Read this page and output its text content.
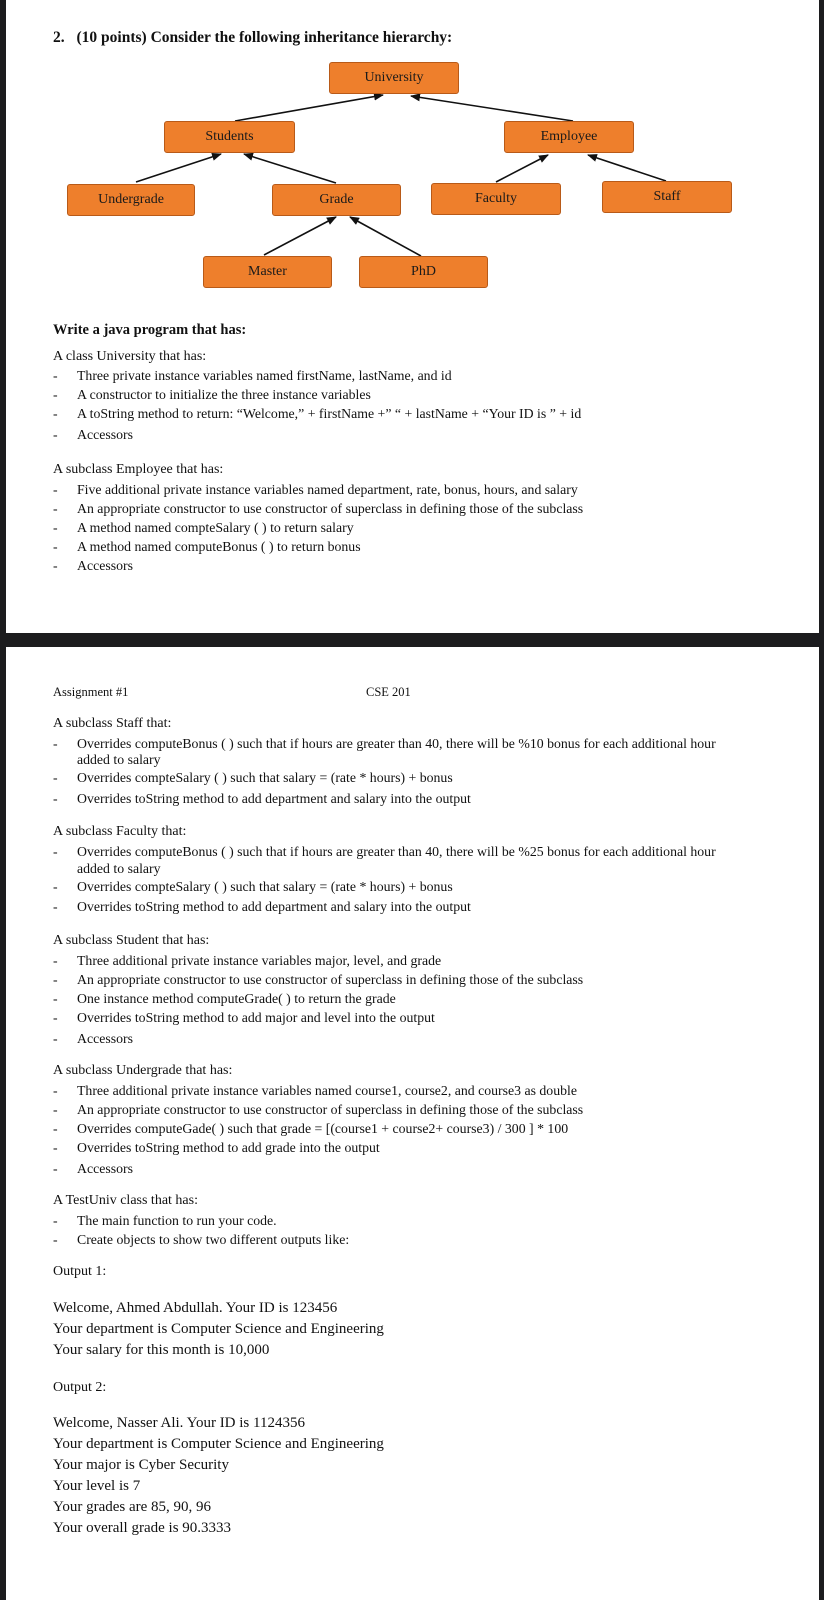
2. (10 points) Consider the following inheritance hierarchy:
University
Students	Employee
Undergrade	Grade	Faculty	Staff
Master	PhD
Write a java program that has:
A class University that has:
- Three private instance variables named firstName, lastName, and id
- A constructor to initialize the three instance variables
- A toString method to return: “Welcome,” + firstName +” “ + lastName + “Your ID is ” + id
- Accessors
A subclass Employee that has:
- Five additional private instance variables named department, rate, bonus, hours, and salary
- An appropriate constructor to use constructor of superclass in defining those of the subclass
- A method named compteSalary ( ) to return salary
- A method named computeBonus ( ) to return bonus
- Accessors
Assignment #1	CSE 201
A subclass Staff that:
- Overrides computeBonus ( ) such that if hours are greater than 40, there will be %10 bonus for each additional hour
added to salary
- Overrides compteSalary ( ) such that salary = (rate * hours) + bonus
- Overrides toString method to add department and salary into the output
A subclass Faculty that:
- Overrides computeBonus ( ) such that if hours are greater than 40, there will be %25 bonus for each additional hour
added to salary
- Overrides compteSalary ( ) such that salary = (rate * hours) + bonus
- Overrides toString method to add department and salary into the output
A subclass Student that has:
- Three additional private instance variables major, level, and grade
- An appropriate constructor to use constructor of superclass in defining those of the subclass
- One instance method computeGrade( ) to return the grade
- Overrides toString method to add major and level into the output
- Accessors
A subclass Undergrade that has:
- Three additional private instance variables named course1, course2, and course3 as double
- An appropriate constructor to use constructor of superclass in defining those of the subclass
- Overrides computeGade( ) such that grade = [(course1 + course2+ course3) / 300 ] * 100
- Overrides toString method to add grade into the output
- Accessors
A TestUniv class that has:
- The main function to run your code.
- Create objects to show two different outputs like:
Output 1:
Welcome, Ahmed Abdullah. Your ID is 123456
Your department is Computer Science and Engineering
Your salary for this month is 10,000
Output 2:
Welcome, Nasser Ali. Your ID is 1124356
Your department is Computer Science and Engineering
Your major is Cyber Security
Your level is 7
Your grades are 85, 90, 96
Your overall grade is 90.3333
